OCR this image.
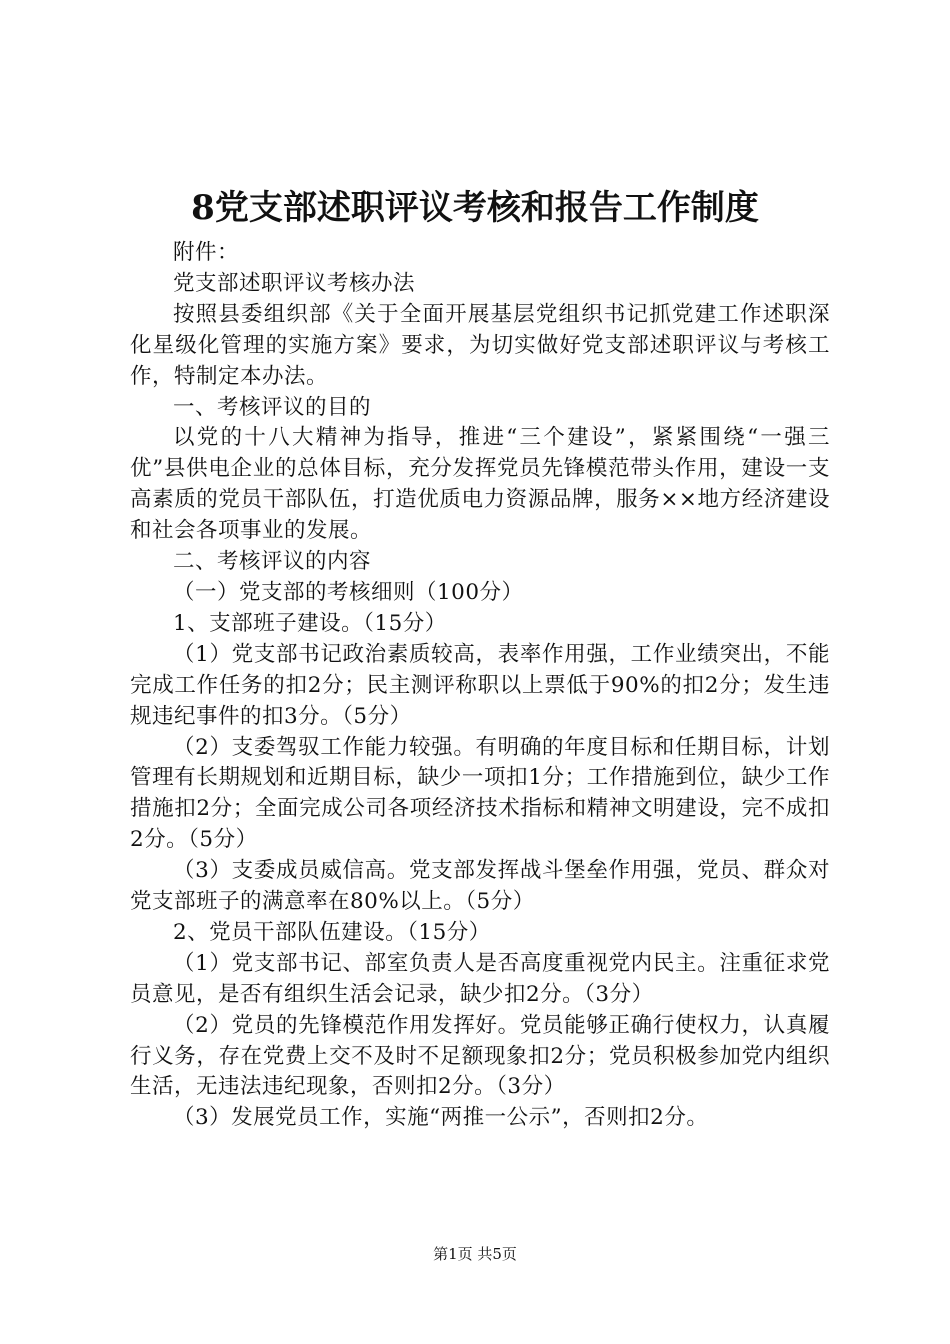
8党支部述职评议考核和报告工作制度

附件：

党支部述职评议考核办法

按照县委组织部《关于全面开展基层党组织书记抓党建工作述职深化星级化管理的实施方案》要求，为切实做好党支部述职评议与考核工作，特制定本办法。

一、考核评议的目的

以党的十八大精神为指导，推进“三个建设”，紧紧围绕“一强三优”县供电企业的总体目标，充分发挥党员先锋模范带头作用，建设一支高素质的党员干部队伍，打造优质电力资源品牌，服务××地方经济建设和社会各项事业的发展。

二、考核评议的内容

（一）党支部的考核细则（100分）

1、支部班子建设。（15分）

（1）党支部书记政治素质较高，表率作用强，工作业绩突出，不能完成工作任务的扣2分；民主测评称职以上票低于90%的扣2分；发生违规违纪事件的扣3分。（5分）

（2）支委驾驭工作能力较强。有明确的年度目标和任期目标，计划管理有长期规划和近期目标，缺少一项扣1分；工作措施到位，缺少工作措施扣2分；全面完成公司各项经济技术指标和精神文明建设，完不成扣2分。（5分）

（3）支委成员威信高。党支部发挥战斗堡垒作用强，党员、群众对党支部班子的满意率在80%以上。（5分）

2、党员干部队伍建设。（15分）

（1）党支部书记、部室负责人是否高度重视党内民主。注重征求党员意见，是否有组织生活会记录，缺少扣2分。（3分）

（2）党员的先锋模范作用发挥好。党员能够正确行使权力，认真履行义务，存在党费上交不及时不足额现象扣2分；党员积极参加党内组织生活，无违法违纪现象，否则扣2分。（3分）

（3）发展党员工作，实施“两推一公示”，否则扣2分。

第1页 共5页
